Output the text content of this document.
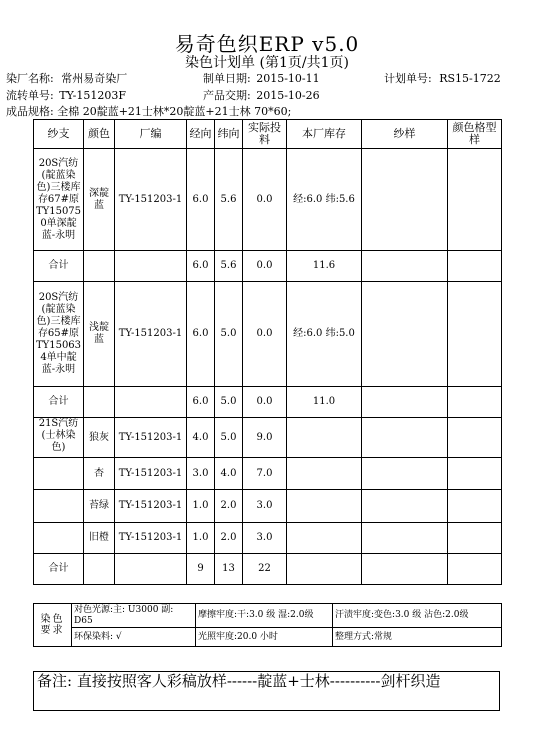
易奇色织ERP v5.0
染色计划单 (第1页/共1页)
染厂名称: 常州易奇染厂	制单日期: 2015-10-11	计划单号: RS15-1722
流转单号: TY-151203F	产品交期: 2015-10-26
成品规格: 全棉 20靛蓝+21士林*20靛蓝+21士林 70*60;
纱支	颜色	厂编	经向	纬向	实际投料	本厂库存	纱样	颜色格型样
20S汽纺(靛蓝染色)三楼库存67#原TY150750单深靛蓝-永明	深靛蓝	TY-151203-1	6.0	5.6	0.0	经:6.0 纬:5.6		
合计			6.0	5.6	0.0	11.6		
20S汽纺(靛蓝染色)三楼库存65#原TY150634单中靛蓝-永明	浅靛蓝	TY-151203-1	6.0	5.0	0.0	经:6.0 纬:5.0		
合计			6.0	5.0	0.0	11.0		
21S汽纺(士林染色)	狼灰	TY-151203-1	4.0	5.0	9.0			
	杏	TY-151203-1	3.0	4.0	7.0			
	苔绿	TY-151203-1	1.0	2.0	3.0			
	旧橙	TY-151203-1	1.0	2.0	3.0			
合计			9	13	22			
染色要求	对色光源:主: U3000 副: D65	摩擦牢度:干:3.0 级 湿:2.0级	汗渍牢度:变色:3.0 级 沾色:2.0级
	环保染料: √	光照牢度:20.0 小时	整理方式:常规
备注: 直接按照客人彩稿放样------靛蓝+士林----------剑杆织造
